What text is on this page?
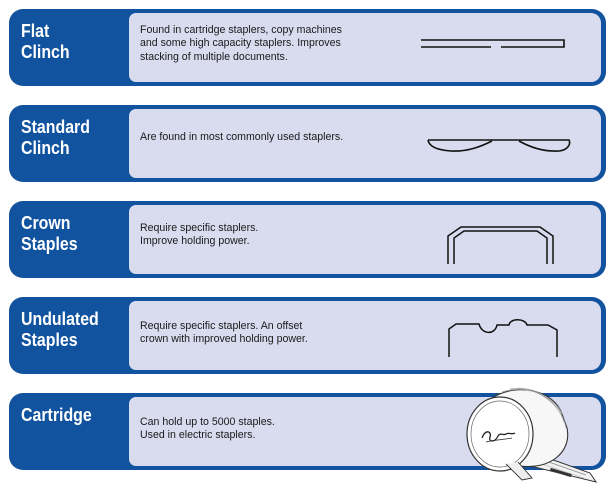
Flat
Clinch
Found in cartridge staplers, copy machines
and some high capacity staplers. Improves
stacking of multiple documents.
Standard
Clinch	Are found in most commonly used staplers.
Crown
Staples
Require specific staplers.
Improve holding power.
Undulated
Staples
Require specific staplers. An offset
crown with improved holding power.
Cartridge	Can hold up to 5000 staples.
Used in electric staplers.
